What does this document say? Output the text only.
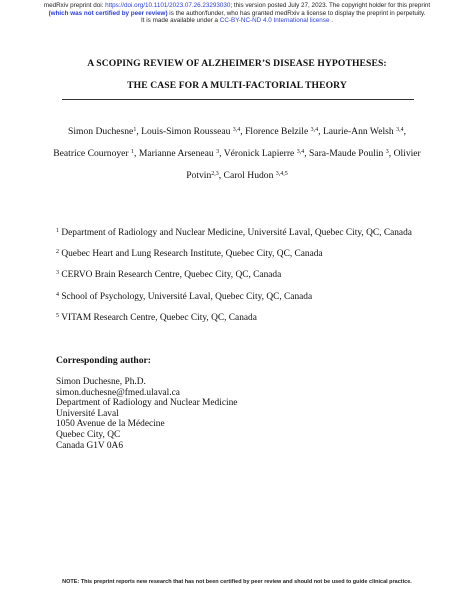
medRxiv preprint doi: https://doi.org/10.1101/2023.07.26.23293030; this version posted July 27, 2023. The copyright holder for this preprint
(which was not certified by peer review) is the author/funder, who has granted medRxiv a license to display the preprint in perpetuity.
It is made available under a CC-BY-NC-ND 4.0 International license .
A SCOPING REVIEW OF ALZHEIMER’S DISEASE HYPOTHESES:
THE CASE FOR A MULTI-FACTORIAL THEORY
Simon Duchesne$^1$, Louis-Simon Rousseau $^{3,4}$, Florence Belzile $^{3,4}$, Laurie-Ann Welsh $^{3,4}$,
Beatrice Cournoyer $^1$, Marianne Arseneau $^3$, Véronick Lapierre $^{3,4}$, Sara-Maude Poulin $^3$, Olivier Potvin$^{2,3}$, Carol Hudon $^{3,4,5}$
$^1$ Department of Radiology and Nuclear Medicine, Université Laval, Quebec City, QC, Canada
$^2$ Quebec Heart and Lung Research Institute, Quebec City, QC, Canada
$^3$ CERVO Brain Research Centre, Quebec City, QC, Canada
$^4$ School of Psychology, Université Laval, Quebec City, QC, Canada
$^5$ VITAM Research Centre, Quebec City, QC, Canada
Corresponding author:
Simon Duchesne, Ph.D.
simon.duchesne@fmed.ulaval.ca
Department of Radiology and Nuclear Medicine
Université Laval
1050 Avenue de la Médecine
Quebec City, QC
Canada G1V 0A6
NOTE: This preprint reports new research that has not been certified by peer review and should not be used to guide clinical practice.
